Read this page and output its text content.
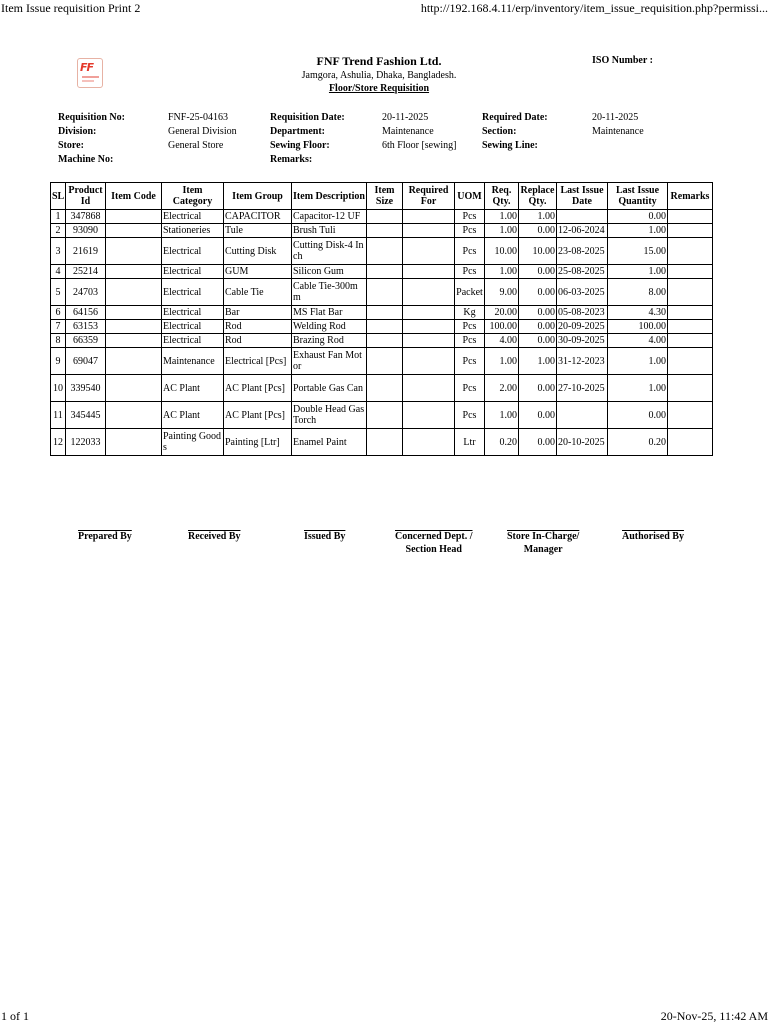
Item Issue requisition Print 2	http://192.168.4.11/erp/inventory/item_issue_requisition.php?permissi...
FF	FNF Trend Fashion Ltd.
Jamgora, Ashulia, Dhaka, Bangladesh.
Floor/Store Requisition
ISO Number :
Requisition No:	FNF-25-04163	Requisition Date:	20-11-2025	Required Date:	20-11-2025
Division:	General Division	Department:	Maintenance	Section:	Maintenance
Store:	General Store	Sewing Floor:	6th Floor [sewing]	Sewing Line:
Machine No:	Remarks:
SL	Product Id	Item Code	Item Category	Item Group	Item Description	Item Size	Required For	UOM	Req. Qty.	Replace Qty.	Last Issue Date	Last Issue Quantity	Remarks
1	347868		Electrical	CAPACITOR	Capacitor-12 UF			Pcs	1.00	1.00		0.00	
2	93090		Stationeries	Tule	Brush Tuli			Pcs	1.00	0.00	12-06-2024	1.00	
3	21619		Electrical	Cutting Disk	Cutting Disk-4 Inch			Pcs	10.00	10.00	23-08-2025	15.00	
4	25214		Electrical	GUM	Silicon Gum			Pcs	1.00	0.00	25-08-2025	1.00	
5	24703		Electrical	Cable Tie	Cable Tie-300mm			Packet	9.00	0.00	06-03-2025	8.00	
6	64156		Electrical	Bar	MS Flat Bar			Kg	20.00	0.00	05-08-2023	4.30	
7	63153		Electrical	Rod	Welding Rod			Pcs	100.00	0.00	20-09-2025	100.00	
8	66359		Electrical	Rod	Brazing Rod			Pcs	4.00	0.00	30-09-2025	4.00	
9	69047		Maintenance	Electrical [Pcs]	Exhaust Fan Motor			Pcs	1.00	1.00	31-12-2023	1.00	
10	339540		AC Plant	AC Plant [Pcs]	Portable Gas Can			Pcs	2.00	0.00	27-10-2025	1.00	
11	345445		AC Plant	AC Plant [Pcs]	Double Head Gas Torch			Pcs	1.00	0.00		0.00	
12	122033		Painting Goods	Painting [Ltr]	Enamel Paint			Ltr	0.20	0.00	20-10-2025	0.20	
Prepared By	Received By	Issued By	Concerned Dept. /
Section Head
Store In-Charge/
Manager
Authorised By
1 of 1	20-Nov-25, 11:42 AM
